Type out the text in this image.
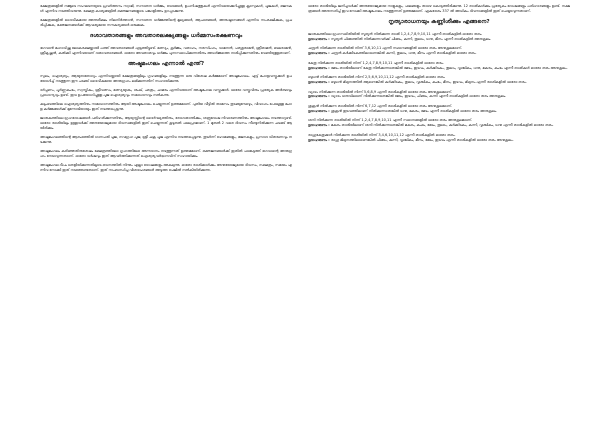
ക്ഷേത്രങ്ങളിൽ നമ്മുടെ സംഘടനയുടെ പ്രവർത്തനം സ്വാമി, സനാതന ധർമ്മം, വേദങ്ങൾ, ഉപനിഷത്തുകൾ എന്നിവയെക്കുറിച്ചുള്ള ക്ലാസുകൾ, പൂജകൾ, ഭജനകൾ എന്നിവ നടത്തിവരുന്നു. ക്ഷേത്ര കാര്യങ്ങളിൽ ഭക്തജനങ്ങളുടെ പങ്കാളിത്തം ഉറപ്പാക്കുന്നു.

ക്ഷേത്രങ്ങളിൽ ദൈവീകമായ അന്തരീക്ഷം നിലനിർത്താൻ, സനാതന ധർമ്മത്തിന്റെ മൂല്യങ്ങൾ, ആചാരങ്ങൾ, അനുഷ്ഠാനങ്ങൾ എന്നിവ സംരക്ഷിക്കുക, പ്രചരിപ്പിക്കുക, ഭക്തജനങ്ങൾക്ക് ആവശ്യമായ സൗകര്യങ്ങൾ ഒരുക്കുക.

ദശാവതാരങ്ങളും അവതാരലക്ഷ്യങ്ങളും ധർമ്മസംരക്ഷണവും

ഭഗവാൻ മഹാവിഷ്ണു ലോകരക്ഷയ്ക്കായി പത്ത് അവതാരങ്ങൾ എടുത്തിട്ടുണ്ട്. മത്സ്യം, കൂർമ്മം, വരാഹം, നരസിംഹം, വാമനൻ, പരശുരാമൻ, ശ്രീരാമൻ, ബലരാമൻ, ശ്രീകൃഷ്ണൻ, കൽക്കി എന്നിവയാണ് ദശാവതാരങ്ങൾ. ഓരോ അവതാരവും ധർമ്മം പുനഃസ്ഥാപിക്കുന്നതിനും അധർമ്മത്തെ നശിപ്പിക്കുന്നതിനും വേണ്ടിയുള്ളതാണ്.

അഷ്ടമംഗലം എന്നാൽ എന്ത്?

സുഖം, ഐശ്വര്യം, ആയുരാരോഗ്യം എന്നിവയ്ക്കായി ക്ഷേത്രങ്ങളിലും ഗൃഹങ്ങളിലും നടത്തുന്ന ഒരു വിശേഷ കർമ്മമാണ് അഷ്ടമംഗലം. എട്ട് മംഗളവസ്തുക്കൾ ഉപയോഗിച്ച് നടത്തുന്ന ഈ ചടങ്ങ് ദൈവീകമായ അനുഗ്രഹം ലഭിക്കുന്നതിന് സഹായിക്കുന്നു.

ദർപ്പണം, പൂർണ്ണകുംഭം, സ്വസ്തികം, ശ്രീവത്സം, മത്സ്യയുഗ്മം, ശംഖ്, ഛത്രം, ചാമരം എന്നിവയാണ് അഷ്ടമംഗല വസ്തുക്കൾ. ഓരോ വസ്തുവിനും പ്രത്യേക അർത്ഥവും പ്രാധാന്യവും ഉണ്ട്. ഇവ ഉപയോഗിച്ചുള്ള പൂജ ഐശ്വര്യവും സമാധാനവും നൽകുന്നു.

കുടുംബത്തിലെ ഐശ്വര്യത്തിനും സമാധാനത്തിനും ആയി അഷ്ടമംഗലം ചെയ്യുന്നത് ഉത്തമമാണ്. പുതിയ വീട്ടിൽ താമസം തുടങ്ങുമ്പോഴും, വിവാഹം പോലുള്ള മംഗള കർമ്മങ്ങൾക്ക് മുന്നോടിയായും ഇത് നടത്തപ്പെടുന്നു.

ജാതകത്തിലെ ഗ്രഹദോഷങ്ങൾ പരിഹരിക്കുന്നതിനും, ആയുസ്സിന്റെ ദൈർഘ്യത്തിനും, രോഗശാന്തിക്കും, ശത്രുദോഷ നിവാരണത്തിനും അഷ്ടമംഗലം നടത്താറുണ്ട്. ഓരോ രാശിയിലും ഉള്ളവർക്ക് അനുയോജ്യമായ ദിവസങ്ങളിൽ ഇത് ചെയ്യുന്നത് കൂടുതൽ ഫലപ്രദമാണ്. 1 മുതൽ 2 വരെ ദിവസം നീണ്ടുനിൽക്കുന്ന ചടങ്ങ് ആയിരിക്കും.

അഷ്ടമംഗലത്തിന്റെ ആരംഭത്തിൽ ഗണപതി പൂജ, നവഗ്രഹ പൂജ, ശ്രീ ചക്ര പൂജ എന്നിവ നടത്തപ്പെടുന്നു. തുടർന്ന് ഹോമങ്ങളും, ഭജനകളും, പ്രസാദ വിതരണവും നടക്കുന്നു.

അഷ്ടമംഗലം കഴിഞ്ഞതിനുശേഷം ക്ഷേത്രത്തിലോ ഗൃഹത്തിലോ അന്നദാനം നടത്തുന്നത് ഉത്തമമാണ്. ഭക്തജനങ്ങൾക്ക് ഇതിൽ പങ്കെടുത്ത് ഭഗവാന്റെ അനുഗ്രഹം നേടാവുന്നതാണ്. ഓരോ വർഷവും ഇത് ആവർത്തിക്കുന്നത് ഐശ്വര്യവർദ്ധനവിന് സഹായിക്കും.

അഷ്ടമംഗല ദീപം തെളിയിക്കുന്നതിലൂടെ ഭവനത്തിൽ നിന്നും എല്ലാ ദോഷങ്ങളും അകലുന്നു. ഓരോ രാശിക്കാർക്കും അനുയോജ്യമായ ദിവസം, നക്ഷത്രം, സമയം എന്നിവ നോക്കി ഇത് നടത്തേണ്ടതാണ്. ഇത് സംബന്ധിച്ച വിശദാംശങ്ങൾ അടുത്ത പേജിൽ നൽകിയിരിക്കുന്നു.

ഓരോ രാശിയിലും ജനിച്ചവർക്ക് അനുയോജ്യമായ നാളുകളും, ഫലങ്ങളും താഴെ കൊടുത്തിരിക്കുന്നു. 12 രാശികൾക്കും പ്രത്യേകം ദോഷങ്ങളും പരിഹാരങ്ങളും ഉണ്ട്. നക്ഷത്രങ്ങൾ അനുസരിച്ച് ഇവ നോക്കി അഷ്ടമംഗലം നടത്തുന്നത് ഉത്തമമാണ്. ഏകദേശം 337 ൽ അധികം ദിവസങ്ങളിൽ ഇത് ചെയ്യാവുന്നതാണ്.

നൃത്യാരാധനയും കണ്ണിശീക്കും എങ്ങനെ?

ജാതകത്തിലെ ഗ്രഹസ്ഥിതിയിൽ സൂര്യൻ നിൽക്കുന്ന രാശി 1,2,4,7,8,9,10,11 എന്നീ രാശികളിൽ ഓരോ തരം.

ഉദാഹരണം : സൂര്യൻ ചിങ്ങത്തിൽ നിൽക്കുന്നവർക്ക് ചിങ്ങം, കന്നി, തുലാം, ധനു, മീനം എന്നീ രാശികളിൽ അനുകൂലം.

ചന്ദ്രൻ നിൽക്കുന്ന രാശിയിൽ നിന്ന് 3,6,10,11 എന്നീ സ്ഥാനങ്ങളിൽ ഓരോ തരം അനുകൂലമാണ്.

ഉദാഹരണം : ചന്ദ്രൻ കർക്കിടകത്തിലാണെങ്കിൽ കന്നി, തുലാം, ധനു, മീനം എന്നീ രാശികളിൽ ഓരോ തരം.

കേതു നിൽക്കുന്ന രാശിയിൽ നിന്ന് 1,2,4,7,8,9,10,11 എന്നീ രാശികളിൽ ഓരോ തരം.

ഉദാഹരണം : മേടം രാശിയിലാണ് കേതു നിൽക്കുന്നതെങ്കിൽ മേടം, ഇടവം, കർക്കിടകം, തുലാം, വൃശ്ചികം, ധനു, മകരം, കുംഭം എന്നീ രാശികൾ ഓരോ തരം അനുകൂലം.

ബുധൻ നിൽക്കുന്ന രാശിയിൽ നിന്ന് 2,5,6,9,10,11,12 എന്നീ രാശികളിൽ ഓരോ തരം.

ഉദാഹരണം : ബുധൻ മിഥുനത്തിൽ ആണെങ്കിൽ കർക്കിടകം, തുലാം, വൃശ്ചികം, കുംഭം, മീനം, ഇടവം, മിഥുനം എന്നീ രാശികളിൽ ഓരോ തരം.

വ്യാഴം നിൽക്കുന്ന രാശിയിൽ നിന്ന് 5,6,8,9 എന്നീ രാശികളിൽ ഓരോ തരം അനുകൂലമാണ്.

ഉദാഹരണം : വ്യാഴം ധനുവിലാണ് നിൽക്കുന്നതെങ്കിൽ മേടം, ഇടവം, ചിങ്ങം, കന്നി എന്നീ രാശികളിൽ ഓരോ തരം അനുകൂലം.

ശുക്രൻ നിൽക്കുന്ന രാശിയിൽ നിന്ന് 6,7,12 എന്നീ രാശികളിൽ ഓരോ തരം അനുകൂലമാണ്.

ഉദാഹരണം : ശുക്രൻ ഇടവത്തിലാണ് നിൽക്കുന്നതെങ്കിൽ ധനു, മകരം, മേടം എന്നീ രാശികളിൽ ഓരോ തരം അനുകൂലം.

ശനി നിൽക്കുന്ന രാശിയിൽ നിന്ന് 1,2,4,7,8,9,10,11 എന്നീ സ്ഥാനങ്ങളിൽ ഓരോ തരം അനുകൂലമാണ്.

ഉദാഹരണം : മകരം രാശിയിലാണ് ശനി നിൽക്കുന്നതെങ്കിൽ മകരം, കുംഭം, മേടം, തുലാം, കർക്കിടകം, കന്നി, വൃശ്ചികം, ധനു എന്നീ രാശികളിൽ ഓരോ തരം.

രാഹുകേതുക്കൾ നിൽക്കുന്ന രാശിയിൽ നിന്ന് 3,4,6,10,11,12 എന്നീ രാശികളിൽ ഓരോ തരം.

ഉദാഹരണം : രാഹു മിഥുനത്തിലാണെങ്കിൽ ചിങ്ങം, കന്നി, വൃശ്ചികം, മീനം, മേടം, ഇടവം എന്നീ രാശികളിൽ ഓരോ തരം അനുകൂലം.
